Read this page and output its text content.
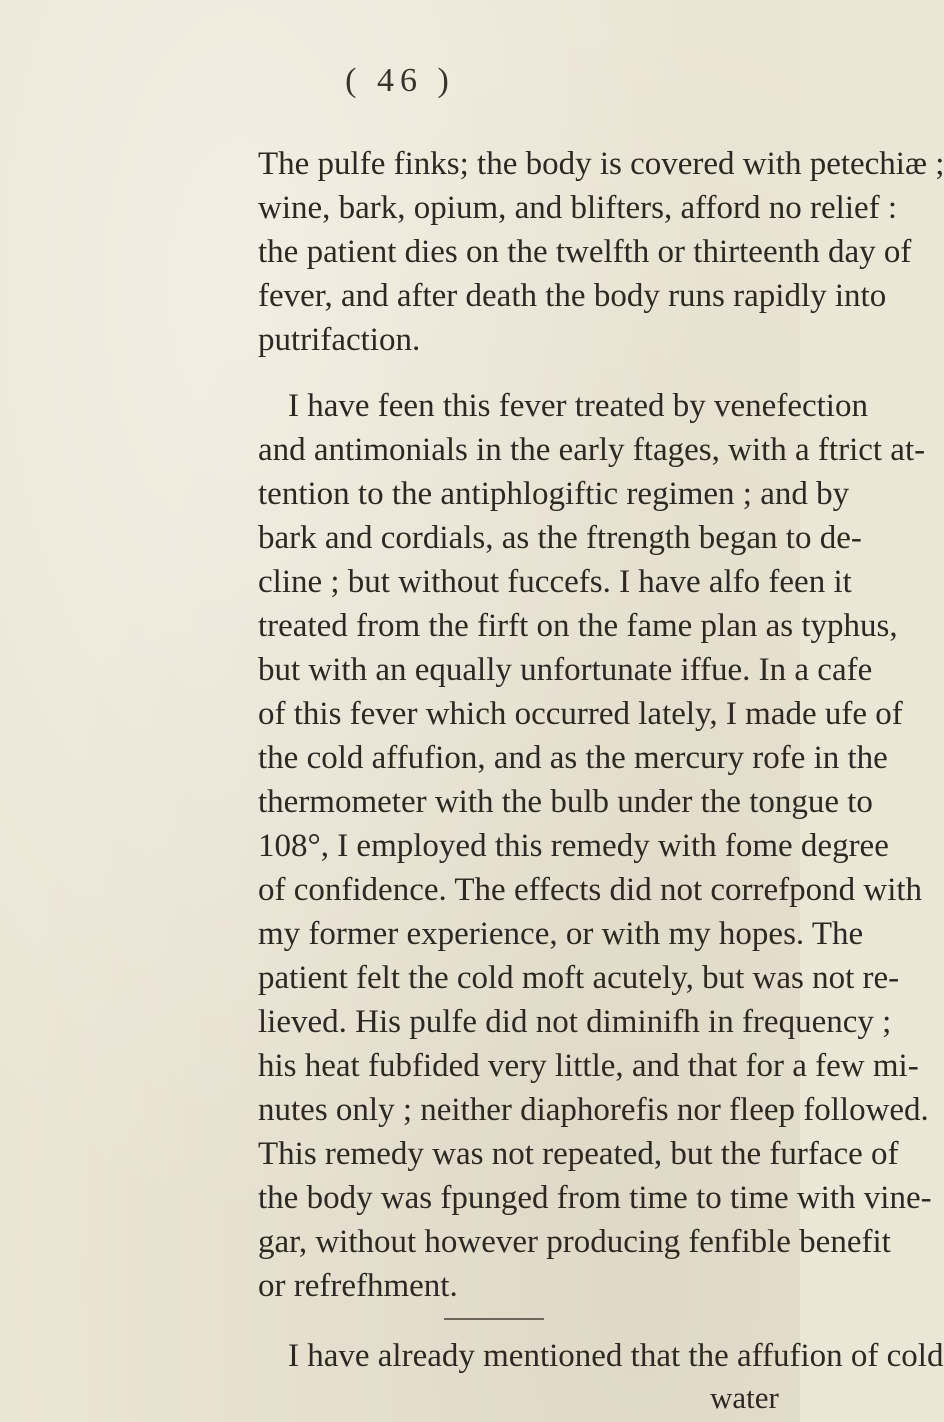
( 46 )
The pulfe finks; the body is covered with petechiæ ;
wine, bark, opium, and blifters, afford no relief :
the patient dies on the twelfth or thirteenth day of
fever, and after death the body runs rapidly into
putrifaction.
I have feen this fever treated by venefection
and antimonials in the early ftages, with a ftrict at-
tention to the antiphlogiftic regimen ; and by
bark and cordials, as the ftrength began to de-
cline ; but without fuccefs. I have alfo feen it
treated from the firft on the fame plan as typhus,
but with an equally unfortunate iffue. In a cafe
of this fever which occurred lately, I made ufe of
the cold affufion, and as the mercury rofe in the
thermometer with the bulb under the tongue to
108°, I employed this remedy with fome degree
of confidence. The effects did not correfpond with
my former experience, or with my hopes. The
patient felt the cold moft acutely, but was not re-
lieved. His pulfe did not diminifh in frequency ;
his heat fubfided very little, and that for a few mi-
nutes only ; neither diaphorefis nor fleep followed.
This remedy was not repeated, but the furface of
the body was fpunged from time to time with vine-
gar, without however producing fenfible benefit
or refrefhment.
I have already mentioned that the affufion of cold
water
